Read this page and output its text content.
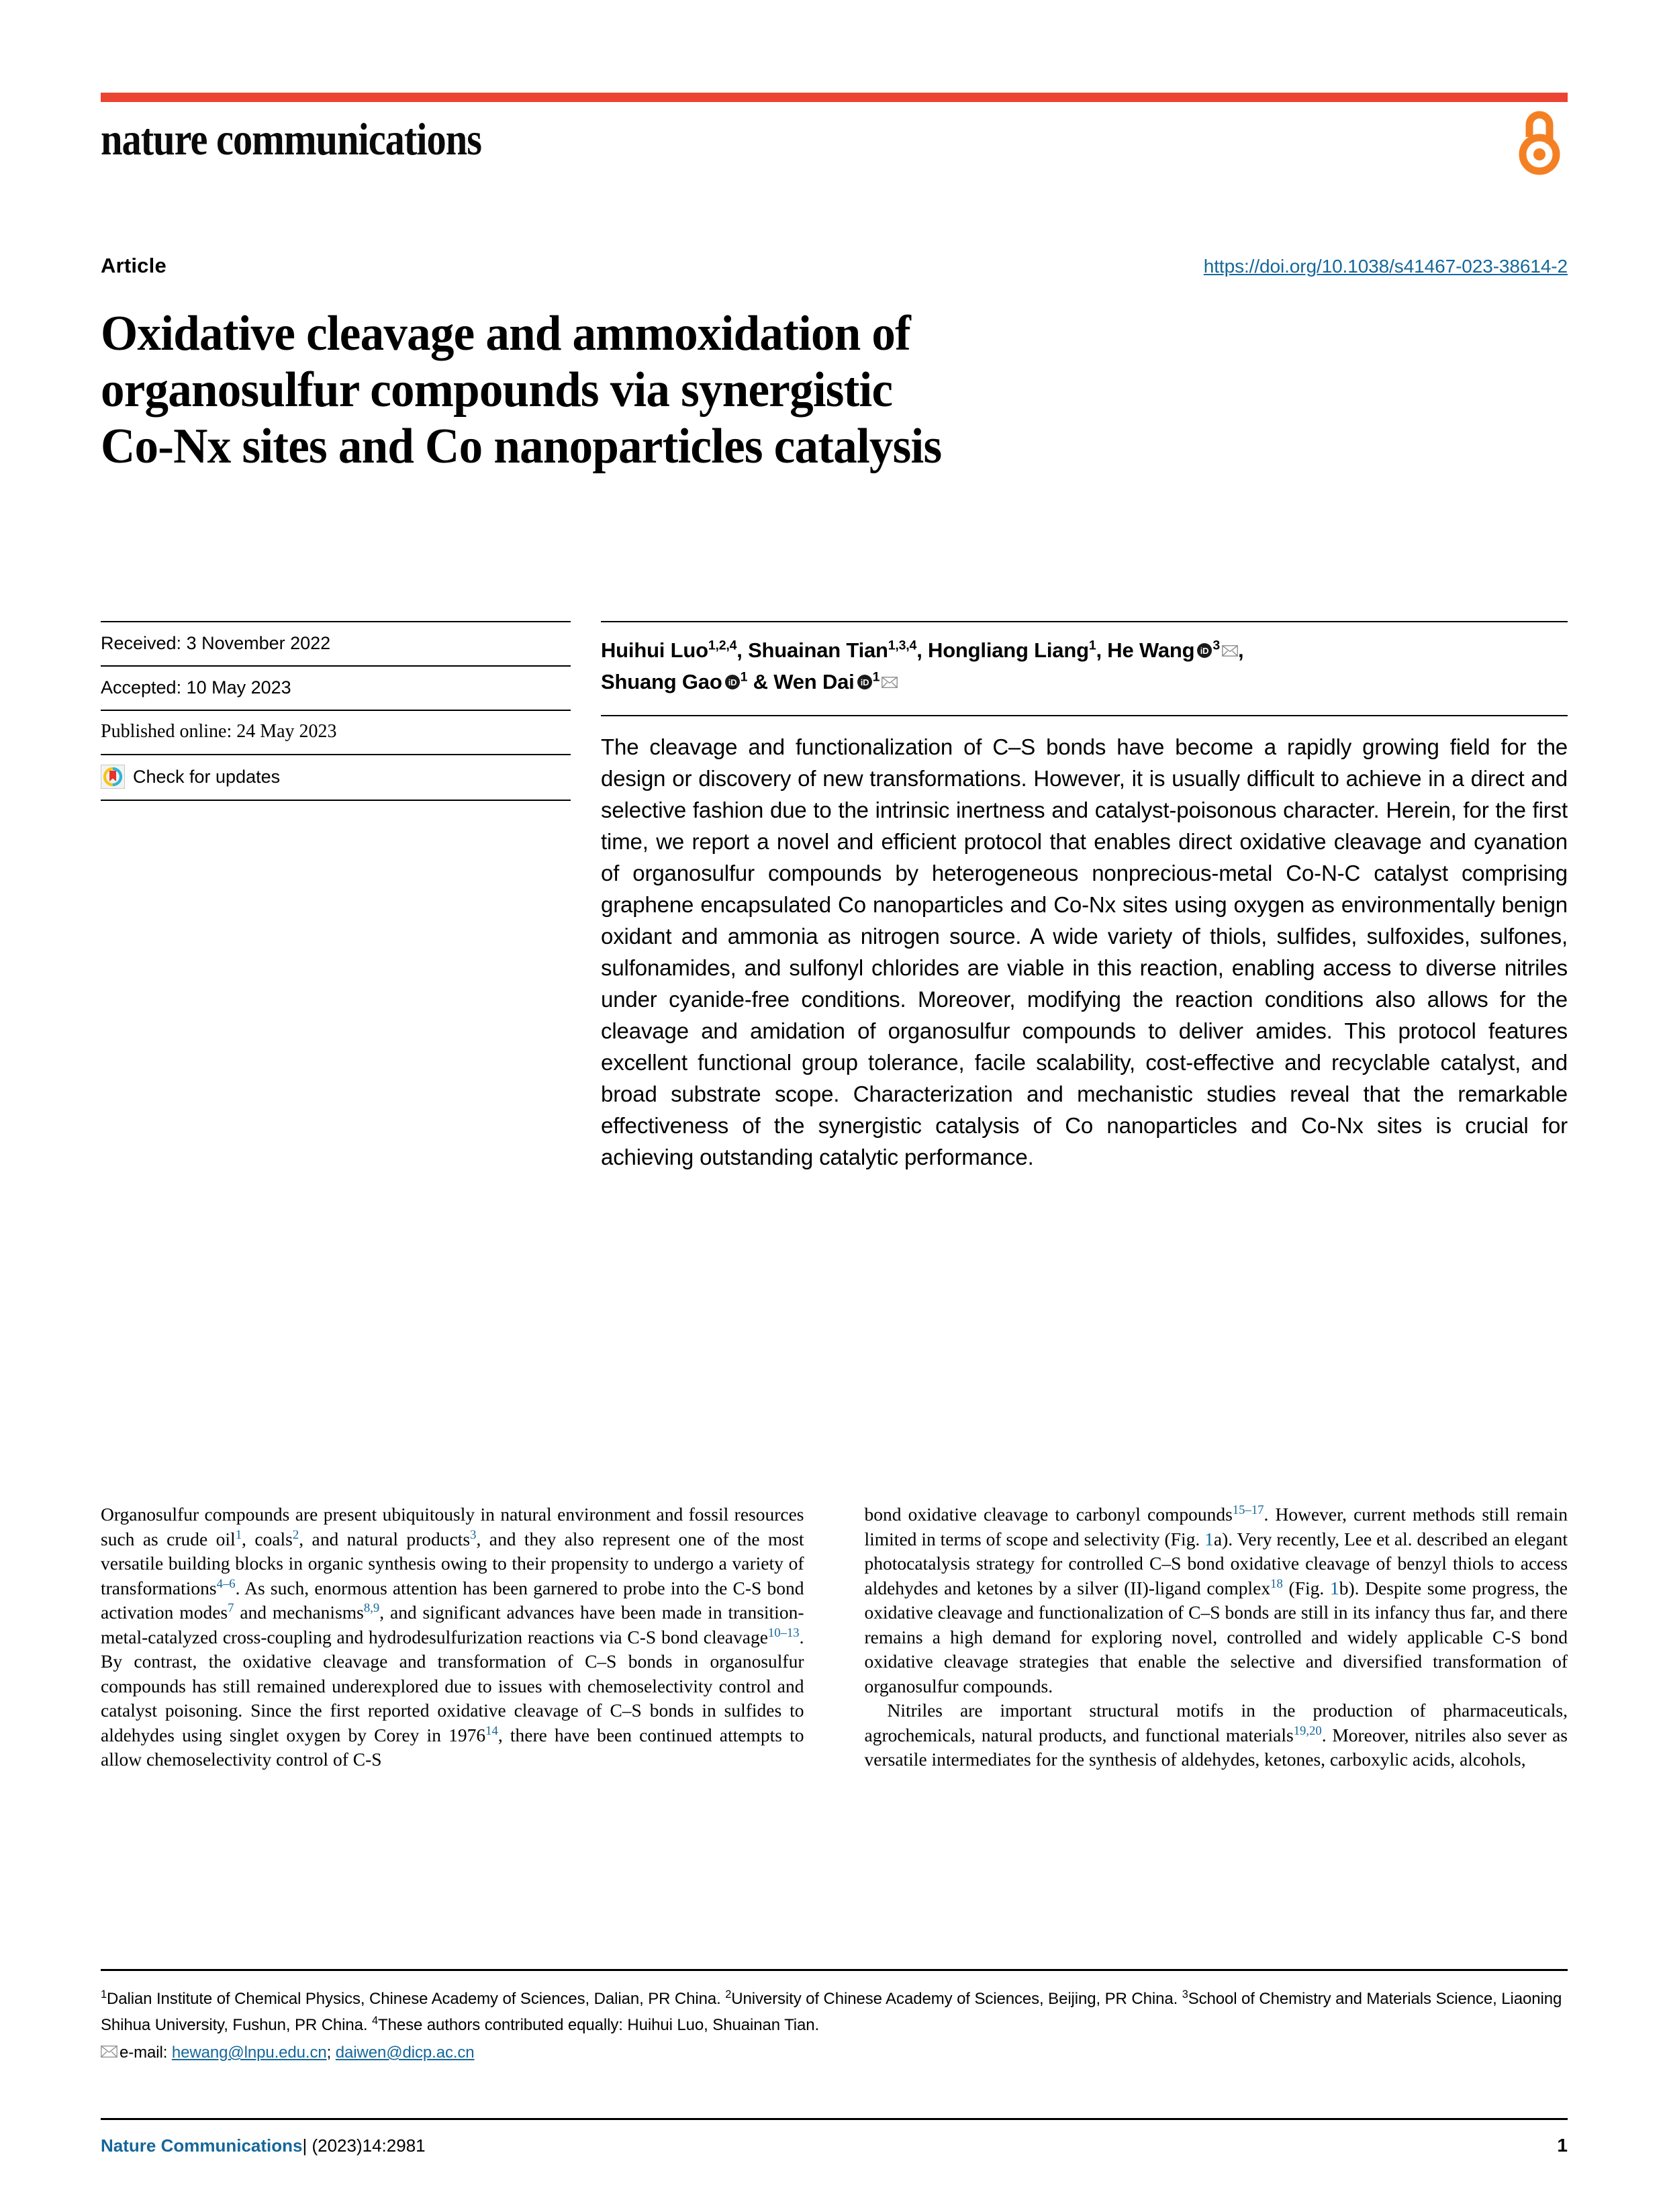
nature communications
Article	https://doi.org/10.1038/s41467-023-38614-2
Oxidative cleavage and ammoxidation of
organosulfur compounds via synergistic
Co-Nx sites and Co nanoparticles catalysis
Received: 3 November 2022
Accepted: 10 May 2023
Published online: 24 May 2023
Check for updates
Huihui Luo$^{1,2,4}$, Shuainan Tian$^{1,3,4}$, Hongliang Liang$^1$, He Wang iD $^3$ ,
Shuang Gao iD $^1$ & Wen Dai iD $^1$
The cleavage and functionalization of C–S bonds have become a rapidly growing field for the design or discovery of new transformations. However, it is usually difficult to achieve in a direct and selective fashion due to the intrinsic inertness and catalyst-poisonous character. Herein, for the first time, we report a novel and efficient protocol that enables direct oxidative cleavage and cyanation of organosulfur compounds by heterogeneous nonprecious-metal Co-N-C catalyst comprising graphene encapsulated Co nanoparticles and Co-Nx sites using oxygen as environmentally benign oxidant and ammonia as nitrogen source. A wide variety of thiols, sulfides, sulfoxides, sulfones, sulfonamides, and sulfonyl chlorides are viable in this reaction, enabling access to diverse nitriles under cyanide-free conditions. Moreover, modifying the reaction conditions also allows for the cleavage and amidation of organosulfur compounds to deliver amides. This protocol features excellent functional group tolerance, facile scalability, cost-effective and recyclable catalyst, and broad substrate scope. Characterization and mechanistic studies reveal that the remarkable effectiveness of the synergistic catalysis of Co nanoparticles and Co-Nx sites is crucial for achieving outstanding catalytic performance.

Organosulfur compounds are present ubiquitously in natural environment and fossil resources such as crude oil$^1$, coals$^2$, and natural products$^3$, and they also represent one of the most versatile building blocks in organic synthesis owing to their propensity to undergo a variety of transformations$^{4-6}$. As such, enormous attention has been garnered to probe into the C-S bond activation modes$^7$ and mechanisms$^{8,9}$, and significant advances have been made in transition-metal-catalyzed cross-coupling and hydrodesulfurization reactions via C-S bond cleavage$^{10-13}$. By contrast, the oxidative cleavage and transformation of C–S bonds in organosulfur compounds has still remained underexplored due to issues with chemoselectivity control and catalyst poisoning. Since the first reported oxidative cleavage of C–S bonds in sulfides to aldehydes using singlet oxygen by Corey in 1976$^{14}$, there have been continued attempts to allow chemoselectivity control of C-S

bond oxidative cleavage to carbonyl compounds$^{15-17}$. However, current methods still remain limited in terms of scope and selectivity (Fig. 1a). Very recently, Lee et al. described an elegant photocatalysis strategy for controlled C–S bond oxidative cleavage of benzyl thiols to access aldehydes and ketones by a silver (II)-ligand complex$^{18}$ (Fig. 1b). Despite some progress, the oxidative cleavage and functionalization of C–S bonds are still in its infancy thus far, and there remains a high demand for exploring novel, controlled and widely applicable C-S bond oxidative cleavage strategies that enable the selective and diversified transformation of organosulfur compounds.

Nitriles are important structural motifs in the production of pharmaceuticals, agrochemicals, natural products, and functional materials$^{19,20}$. Moreover, nitriles also sever as versatile intermediates for the synthesis of aldehydes, ketones, carboxylic acids, alcohols,

$^1$Dalian Institute of Chemical Physics, Chinese Academy of Sciences, Dalian, PR China. $^2$University of Chinese Academy of Sciences, Beijing, PR China. $^3$School of Chemistry and Materials Science, Liaoning Shihua University, Fushun, PR China. $^4$These authors contributed equally: Huihui Luo, Shuainan Tian.
e-mail: hewang@lnpu.edu.cn; daiwen@dicp.ac.cn
Nature Communications| (2023)14:2981	1
